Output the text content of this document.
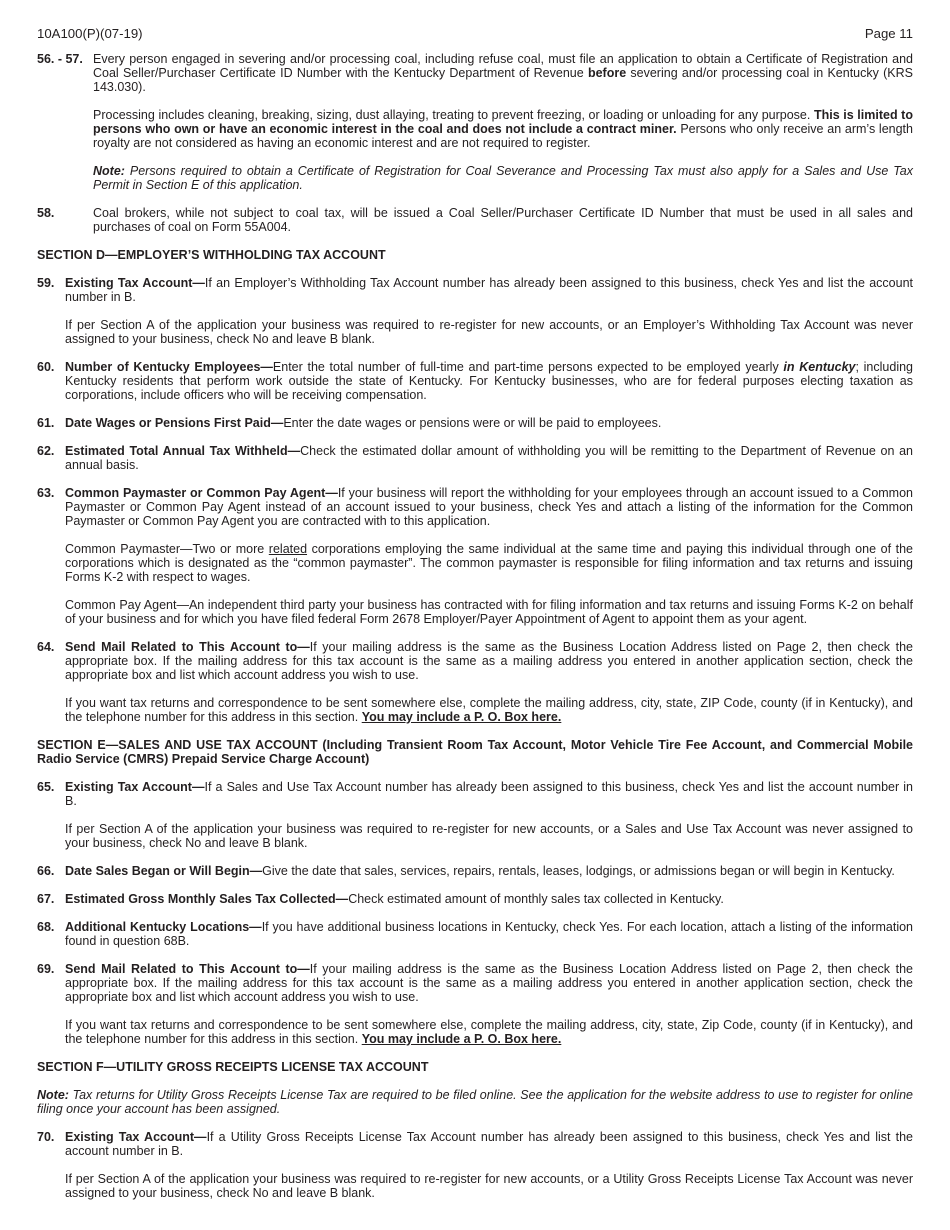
10A100(P)(07-19)	Page 11
56. - 57. Every person engaged in severing and/or processing coal, including refuse coal, must file an application to obtain a Certificate of Registration and Coal Seller/Purchaser Certificate ID Number with the Kentucky Department of Revenue before severing and/or processing coal in Kentucky (KRS 143.030).

Processing includes cleaning, breaking, sizing, dust allaying, treating to prevent freezing, or loading or unloading for any purpose. This is limited to persons who own or have an economic interest in the coal and does not include a contract miner. Persons who only receive an arm’s length royalty are not considered as having an economic interest and are not required to register.

Note: Persons required to obtain a Certificate of Registration for Coal Severance and Processing Tax must also apply for a Sales and Use Tax Permit in Section E of this application.

58.	Coal brokers, while not subject to coal tax, will be issued a Coal Seller/Purchaser Certificate ID Number that must be used in all sales and purchases of coal on Form 55A004.

SECTION D—EMPLOYER’S WITHHOLDING TAX ACCOUNT
59. Existing Tax Account—If an Employer’s Withholding Tax Account number has already been assigned to this business, check Yes and list the account number in B.

If per Section A of the application your business was required to re-register for new accounts, or an Employer’s Withholding Tax Account was never assigned to your business, check No and leave B blank.

60. Number of Kentucky Employees—Enter the total number of full-time and part-time persons expected to be employed yearly in Kentucky; including Kentucky residents that perform work outside the state of Kentucky. For Kentucky businesses, who are for federal purposes electing taxation as corporations, include officers who will be receiving compensation.

61. Date Wages or Pensions First Paid—Enter the date wages or pensions were or will be paid to employees.

62. Estimated Total Annual Tax Withheld—Check the estimated dollar amount of withholding you will be remitting to the Department of Revenue on an annual basis.

63. Common Paymaster or Common Pay Agent—If your business will report the withholding for your employees through an account issued to a Common Paymaster or Common Pay Agent instead of an account issued to your business, check Yes and attach a listing of the information for the Common Paymaster or Common Pay Agent you are contracted with to this application.

Common Paymaster—Two or more related corporations employing the same individual at the same time and paying this individual through one of the corporations which is designated as the “common paymaster”. The common paymaster is responsible for filing information and tax returns and issuing Forms K-2 with respect to wages.

Common Pay Agent—An independent third party your business has contracted with for filing information and tax returns and issuing Forms K-2 on behalf of your business and for which you have filed federal Form 2678 Employer/Payer Appointment of Agent to appoint them as your agent.

64. Send Mail Related to This Account to—If your mailing address is the same as the Business Location Address listed on Page 2, then check the appropriate box. If the mailing address for this tax account is the same as a mailing address you entered in another application section, check the appropriate box and list which account address you wish to use.

If you want tax returns and correspondence to be sent somewhere else, complete the mailing address, city, state, ZIP Code, county (if in Kentucky), and the telephone number for this address in this section. You may include a P. O. Box here.

SECTION E—SALES AND USE TAX ACCOUNT (Including Transient Room Tax Account, Motor Vehicle Tire Fee Account, and Commercial Mobile Radio Service (CMRS) Prepaid Service Charge Account)
65. Existing Tax Account—If a Sales and Use Tax Account number has already been assigned to this business, check Yes and list the account number in B.

If per Section A of the application your business was required to re-register for new accounts, or a Sales and Use Tax Account was never assigned to your business, check No and leave B blank.

66. Date Sales Began or Will Begin—Give the date that sales, services, repairs, rentals, leases, lodgings, or admissions began or will begin in Kentucky.

67. Estimated Gross Monthly Sales Tax Collected—Check estimated amount of monthly sales tax collected in Kentucky.

68. Additional Kentucky Locations—If you have additional business locations in Kentucky, check Yes. For each location, attach a listing of the information found in question 68B.

69. Send Mail Related to This Account to—If your mailing address is the same as the Business Location Address listed on Page 2, then check the appropriate box. If the mailing address for this tax account is the same as a mailing address you entered in another application section, check the appropriate box and list which account address you wish to use.

If you want tax returns and correspondence to be sent somewhere else, complete the mailing address, city, state, Zip Code, county (if in Kentucky), and the telephone number for this address in this section. You may include a P. O. Box here.

SECTION F—UTILITY GROSS RECEIPTS LICENSE TAX ACCOUNT
Note: Tax returns for Utility Gross Receipts License Tax are required to be filed online. See the application for the website address to use to register for online filing once your account has been assigned.
70. Existing Tax Account—If a Utility Gross Receipts License Tax Account number has already been assigned to this business, check Yes and list the account number in B.

If per Section A of the application your business was required to re-register for new accounts, or a Utility Gross Receipts License Tax Account was never assigned to your business, check No and leave B blank.
